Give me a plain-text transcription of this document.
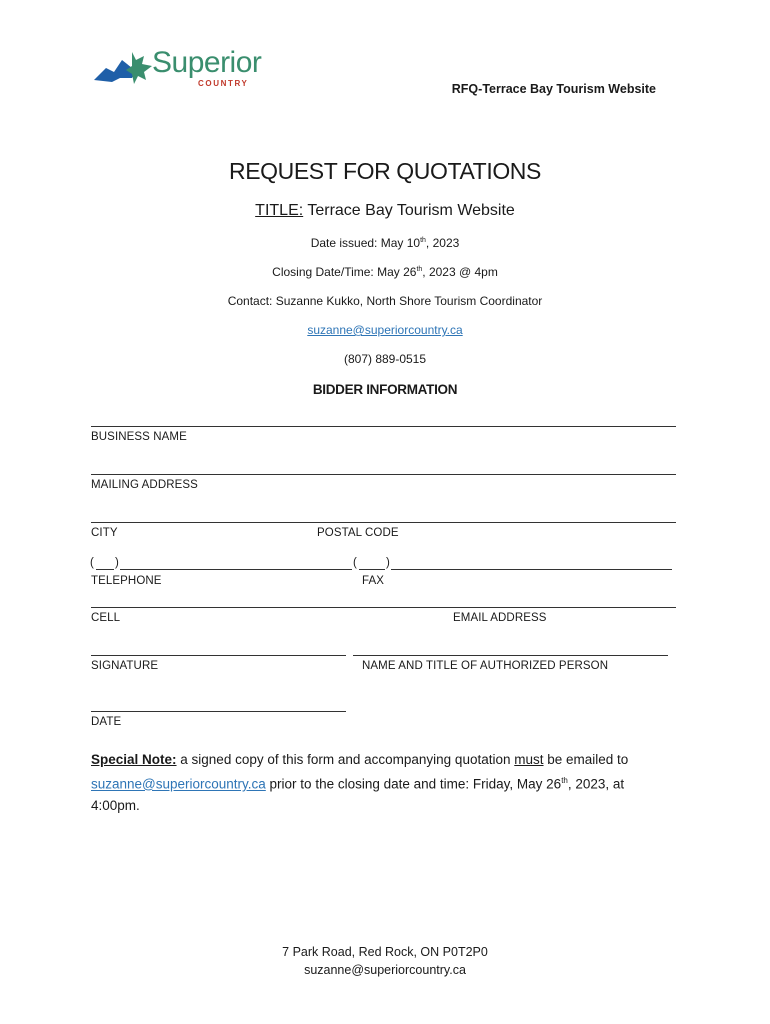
Superior
COUNTRY	RFQ-Terrace Bay Tourism Website
REQUEST FOR QUOTATIONS
TITLE: Terrace Bay Tourism Website
Date issued: May 10th, 2023
Closing Date/Time: May 26th, 2023 @ 4pm
Contact: Suzanne Kukko, North Shore Tourism Coordinator
suzanne@superiorcountry.ca
(807) 889-0515
BIDDER INFORMATION
BUSINESS NAME
MAILING ADDRESS
CITY	POSTAL CODE
( )	(	)
TELEPHONE	FAX
CELL	EMAIL ADDRESS
SIGNATURE	NAME AND TITLE OF AUTHORIZED PERSON
DATE
Special Note: a signed copy of this form and accompanying quotation must be emailed to suzanne@superiorcountry.ca prior to the closing date and time: Friday, May 26th, 2023, at 4:00pm.
7 Park Road, Red Rock, ON P0T2P0
suzanne@superiorcountry.ca
